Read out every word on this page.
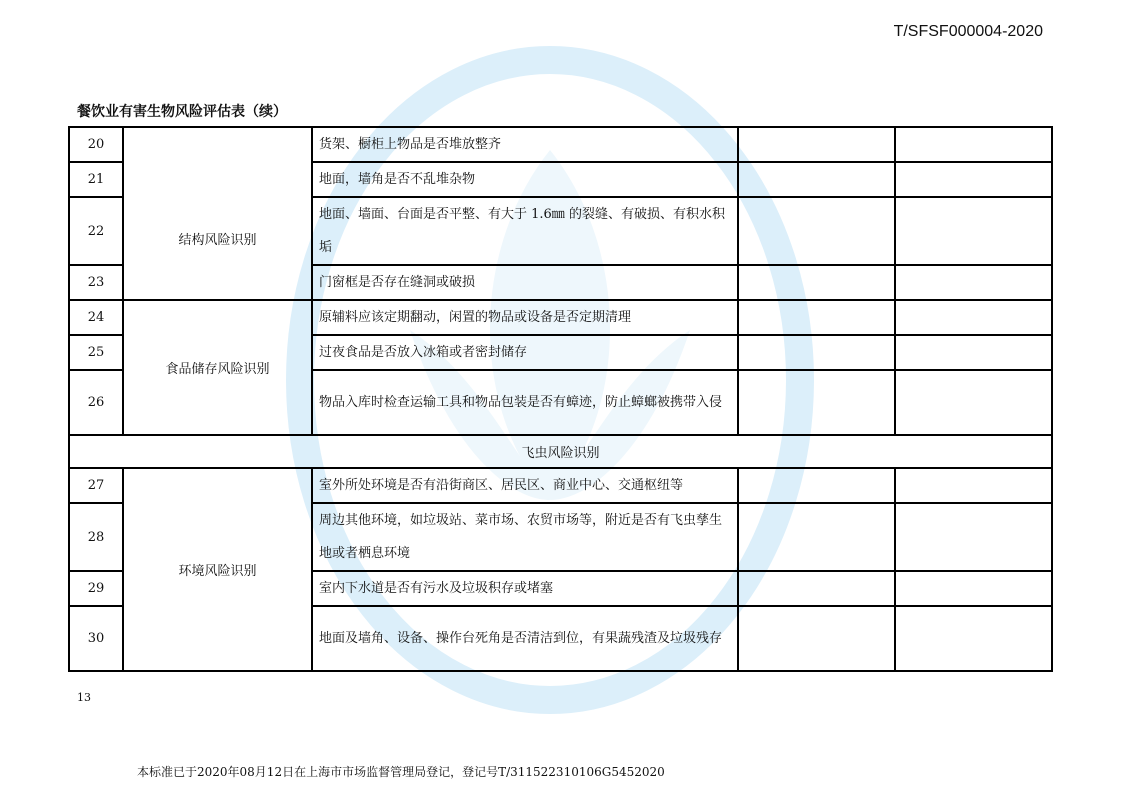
T/SFSF000004-2020
餐饮业有害生物风险评估表（续）
20	结构风险识别	货架、橱柜上物品是否堆放整齐		
21		地面，墙角是否不乱堆杂物		
22		地面、墙面、台面是否平整、有大于 1.6㎜ 的裂缝、有破损、有积水积垢		
23		门窗框是否存在缝洞或破损		
24	食品储存风险识别	原辅料应该定期翻动，闲置的物品或设备是否定期清理		
25		过夜食品是否放入冰箱或者密封储存		
26		物品入库时检查运输工具和物品包装是否有蟑迹，防止蟑螂被携带入侵		
飞虫风险识别				
27	环境风险识别	室外所处环境是否有沿街商区、居民区、商业中心、交通枢纽等		
28		周边其他环境，如垃圾站、菜市场、农贸市场等，附近是否有飞虫孳生地或者栖息环境		
29		室内下水道是否有污水及垃圾积存或堵塞		
30		地面及墙角、设备、操作台死角是否清洁到位，有果蔬残渣及垃圾残存		
13
本标准已于2020年08月12日在上海市市场监督管理局登记，登记号T/31152231010​6G5452020
